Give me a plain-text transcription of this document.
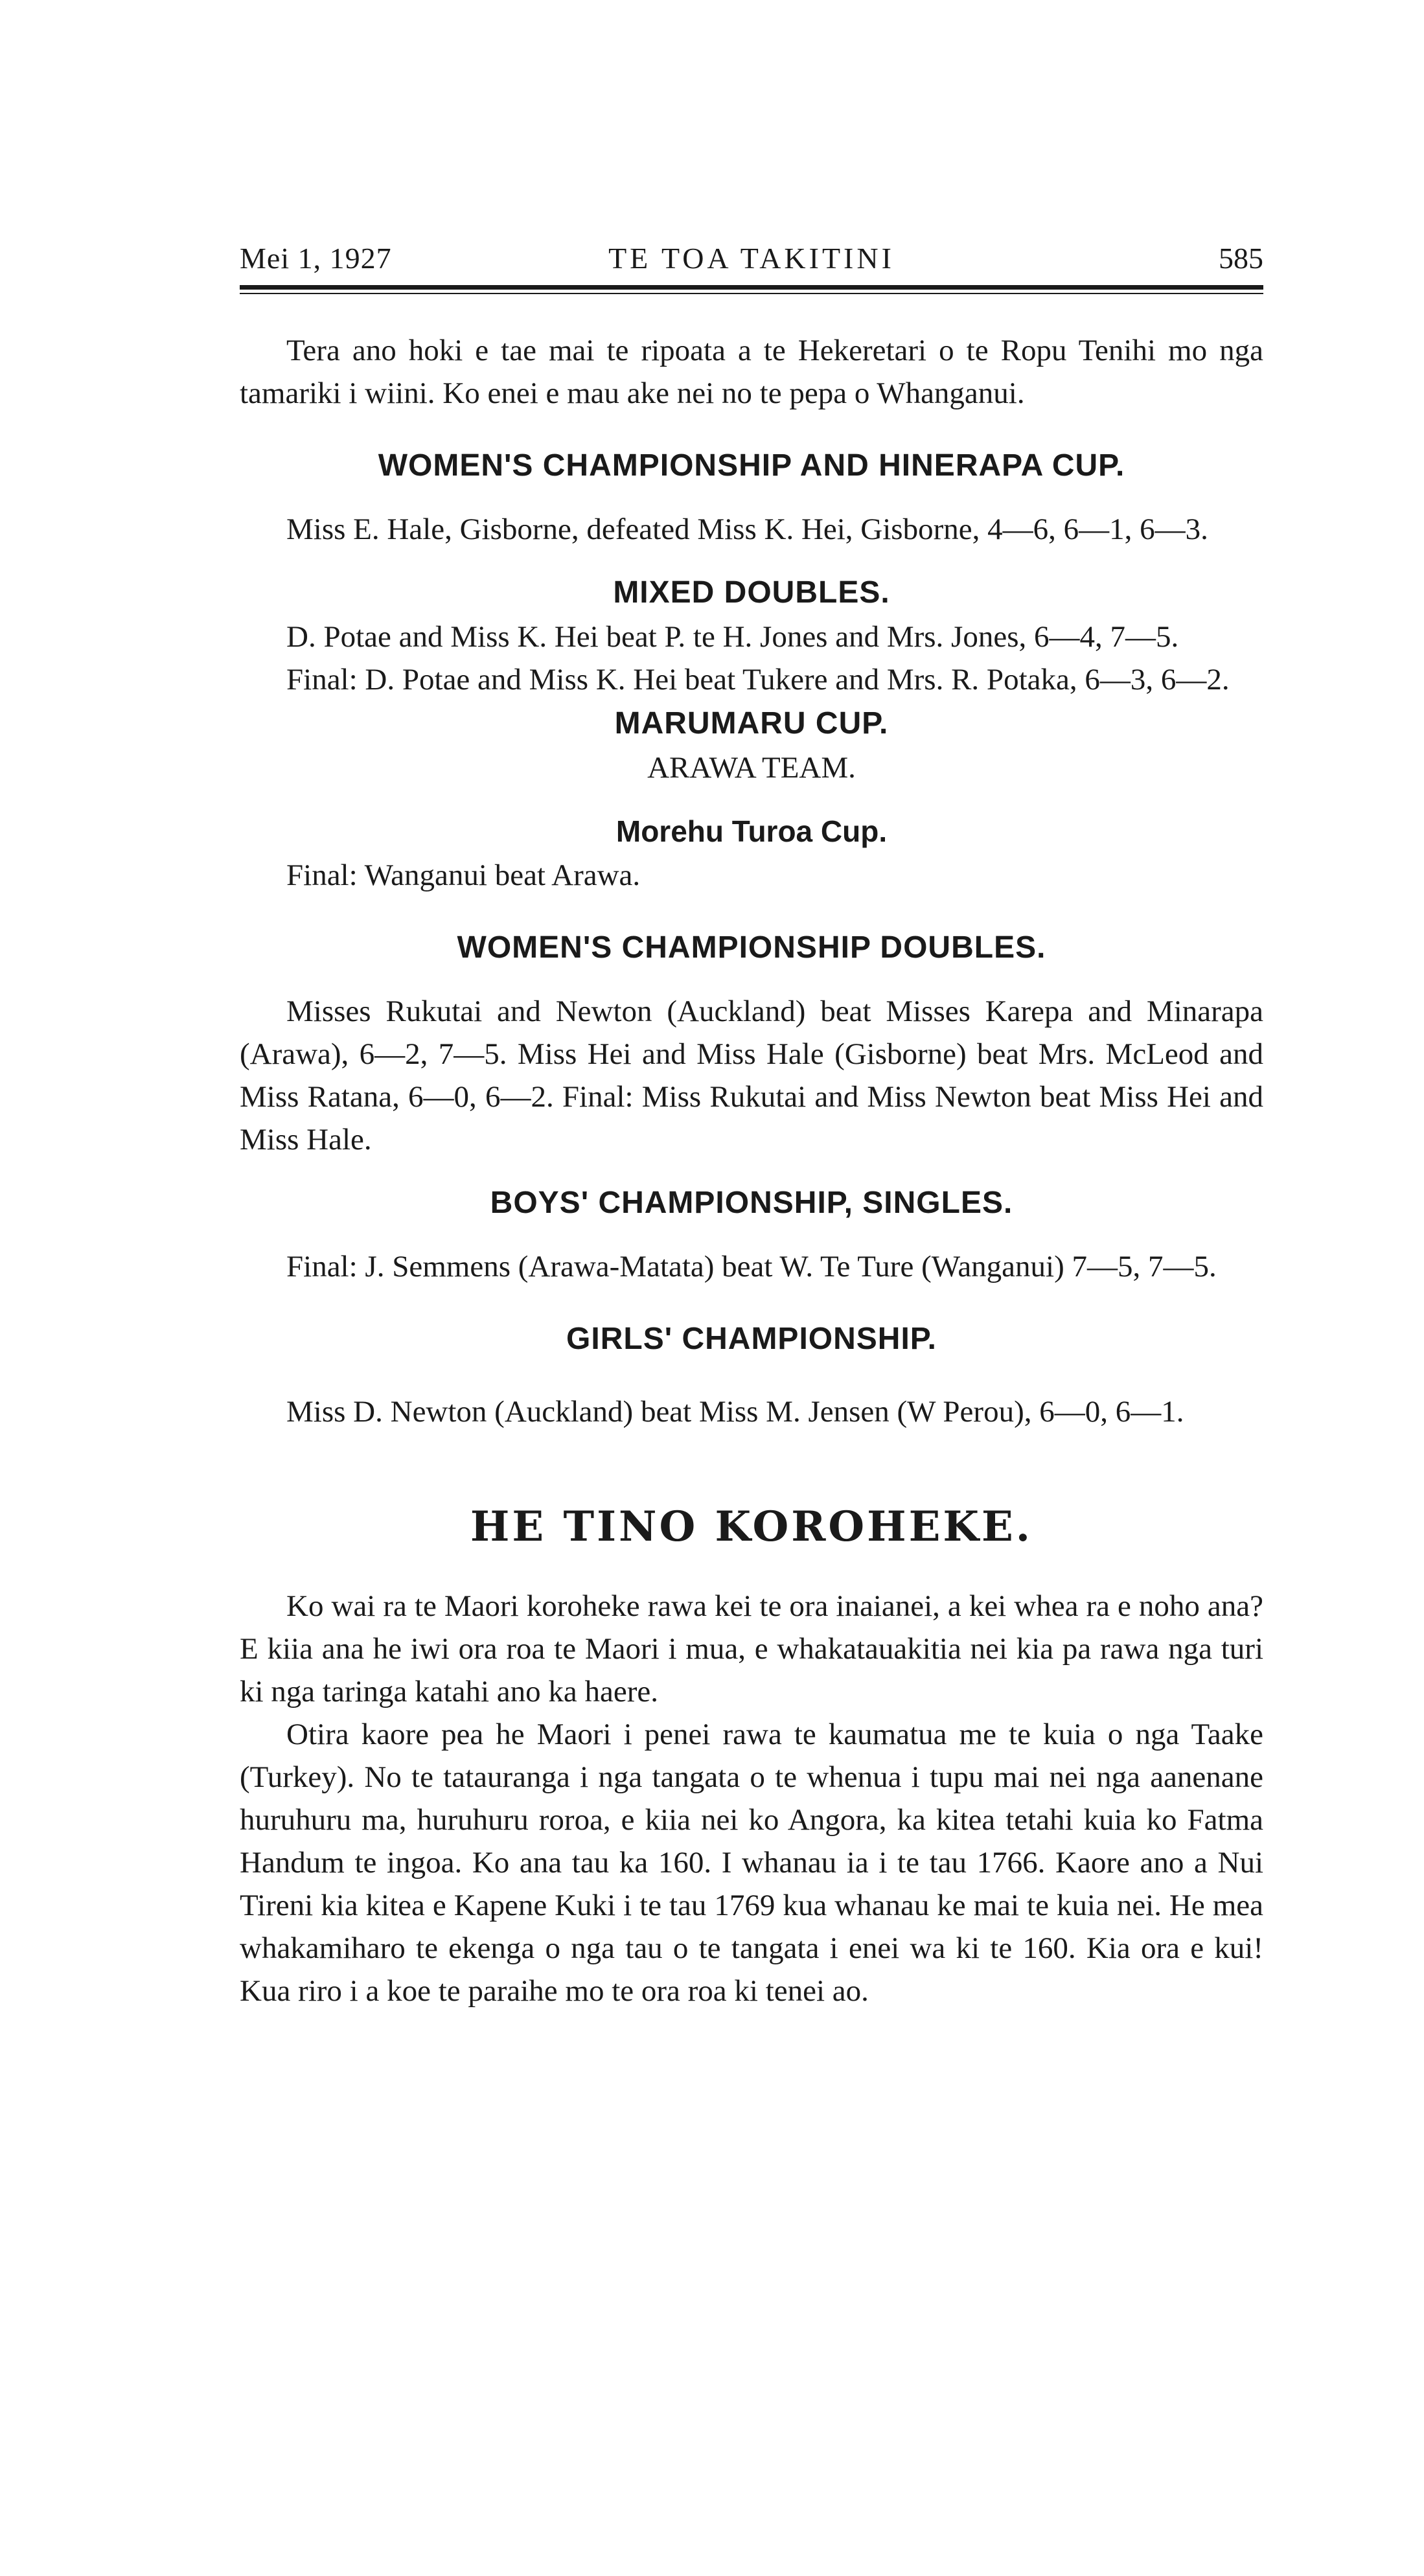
Mei 1, 1927	TE TOA TAKITINI	585

Tera ano hoki e tae mai te ripoata a te Hekeretari o te Ropu Tenihi mo nga tamariki i wiini. Ko enei e mau ake nei no te pepa o Whanganui.

WOMEN'S CHAMPIONSHIP AND HINERAPA CUP.

Miss E. Hale, Gisborne, defeated Miss K. Hei, Gisborne, 4—6, 6—1, 6—3.

MIXED DOUBLES.

D. Potae and Miss K. Hei beat P. te H. Jones and Mrs. Jones, 6—4, 7—5.

Final: D. Potae and Miss K. Hei beat Tukere and Mrs. R. Potaka, 6—3, 6—2.

MARUMARU CUP.

ARAWA TEAM.

Morehu Turoa Cup.

Final: Wanganui beat Arawa.

WOMEN'S CHAMPIONSHIP DOUBLES.

Misses Rukutai and Newton (Auckland) beat Misses Karepa and Minarapa (Arawa), 6—2, 7—5. Miss Hei and Miss Hale (Gisborne) beat Mrs. McLeod and Miss Ratana, 6—0, 6—2. Final: Miss Rukutai and Miss Newton beat Miss Hei and Miss Hale.

BOYS' CHAMPIONSHIP, SINGLES.

Final: J. Semmens (Arawa-Matata) beat W. Te Ture (Wanganui) 7—5, 7—5.

GIRLS' CHAMPIONSHIP.

Miss D. Newton (Auckland) beat Miss M. Jensen (W Perou), 6—0, 6—1.

HE TINO KOROHEKE.

Ko wai ra te Maori koroheke rawa kei te ora inaianei, a kei whea ra e noho ana? E kiia ana he iwi ora roa te Maori i mua, e whakatauakitia nei kia pa rawa nga turi ki nga taringa katahi ano ka haere.

Otira kaore pea he Maori i penei rawa te kaumatua me te kuia o nga Taake (Turkey). No te tatauranga i nga tangata o te whenua i tupu mai nei nga aanenane huruhuru ma, huruhuru roroa, e kiia nei ko Angora, ka kitea tetahi kuia ko Fatma Handum te ingoa. Ko ana tau ka 160. I whanau ia i te tau 1766. Kaore ano a Nui Tireni kia kitea e Kapene Kuki i te tau 1769 kua whanau ke mai te kuia nei. He mea whakamiharo te ekenga o nga tau o te tangata i enei wa ki te 160. Kia ora e kui! Kua riro i a koe te paraihe mo te ora roa ki tenei ao.
